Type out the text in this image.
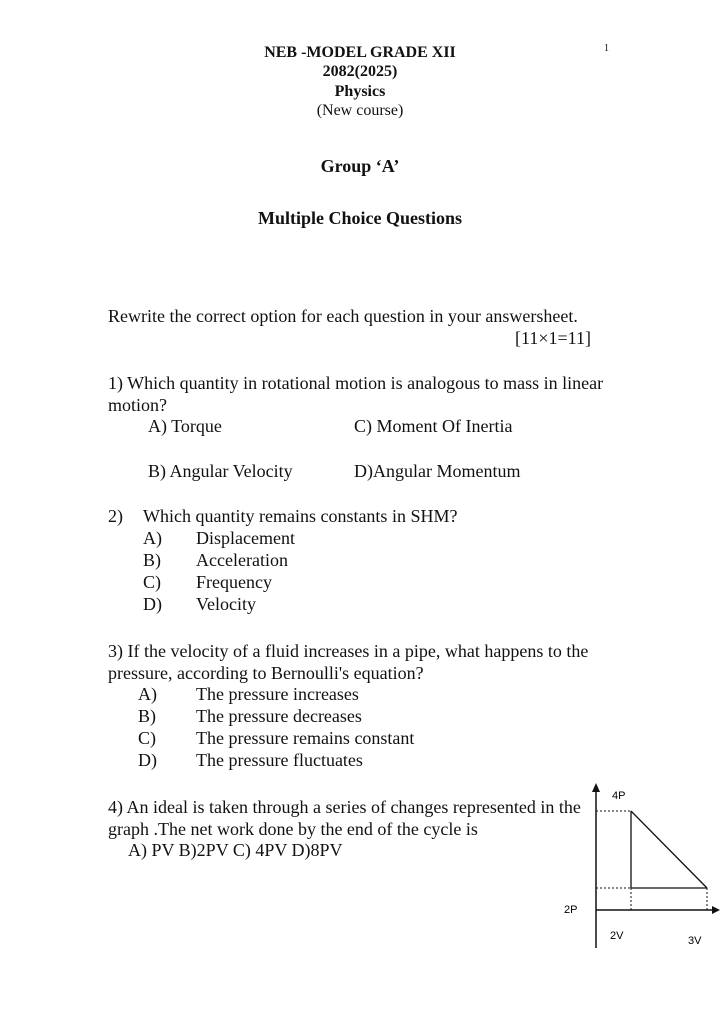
1
NEB -MODEL GRADE XII
2082(2025)
Physics
(New course)
Group ‘A’
Multiple Choice Questions
Rewrite the correct option for each question in your answersheet.
[11×1=11]
1) Which quantity in rotational motion is analogous to mass in linear motion?
A) Torque	C) Moment Of Inertia
B) Angular Velocity	D)Angular Momentum
2) Which quantity remains constants in SHM?
A) Displacement
B) Acceleration
C) Frequency
D) Velocity
3) If the velocity of a fluid increases in a pipe, what happens to the pressure, according to Bernoulli's equation?
A) The pressure increases
B) The pressure decreases
C) The pressure remains constant
D) The pressure fluctuates
4) An ideal is taken through a series of changes represented in the graph .The net work done by the end of the cycle is
A) PV B)2PV C) 4PV D)8PV
4P
2P
2V	3V
